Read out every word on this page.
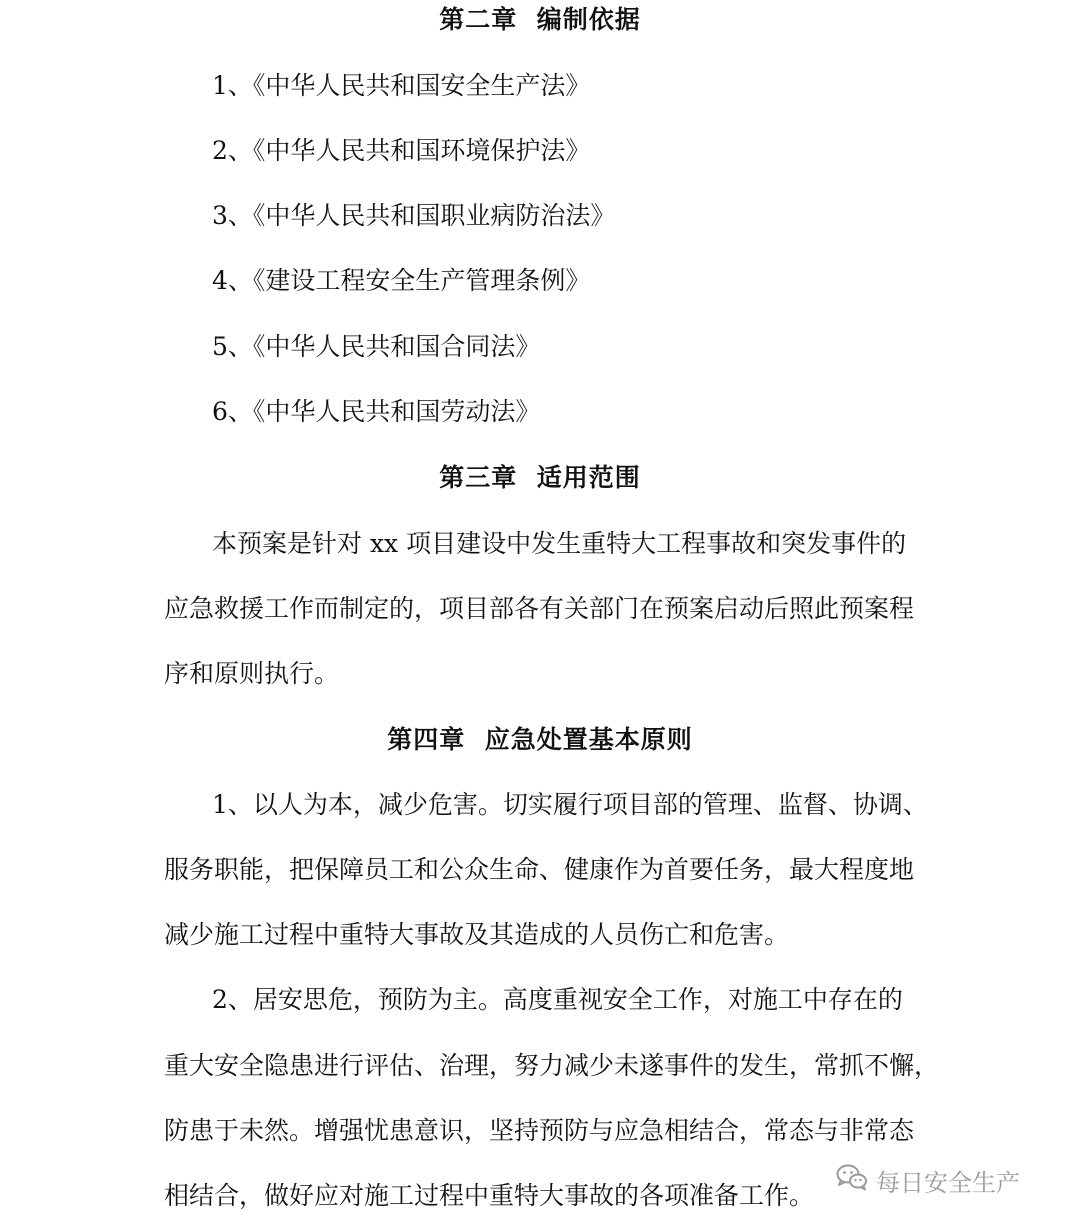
第二章  编制依据
1、《中华人民共和国安全生产法》
2、《中华人民共和国环境保护法》
3、《中华人民共和国职业病防治法》
4、《建设工程安全生产管理条例》
5、《中华人民共和国合同法》
6、《中华人民共和国劳动法》
第三章  适用范围
本预案是针对 xx 项目建设中发生重特大工程事故和突发事件的
应急救援工作而制定的，项目部各有关部门在预案启动后照此预案程
序和原则执行。
第四章  应急处置基本原则
1、以人为本，减少危害。切实履行项目部的管理、监督、协调、
服务职能，把保障员工和公众生命、健康作为首要任务，最大程度地
减少施工过程中重特大事故及其造成的人员伤亡和危害。
2、居安思危，预防为主。高度重视安全工作，对施工中存在的
重大安全隐患进行评估、治理，努力减少未遂事件的发生，常抓不懈，
防患于未然。增强忧患意识，坚持预防与应急相结合，常态与非常态
相结合，做好应对施工过程中重特大事故的各项准备工作。	每日安全生产
